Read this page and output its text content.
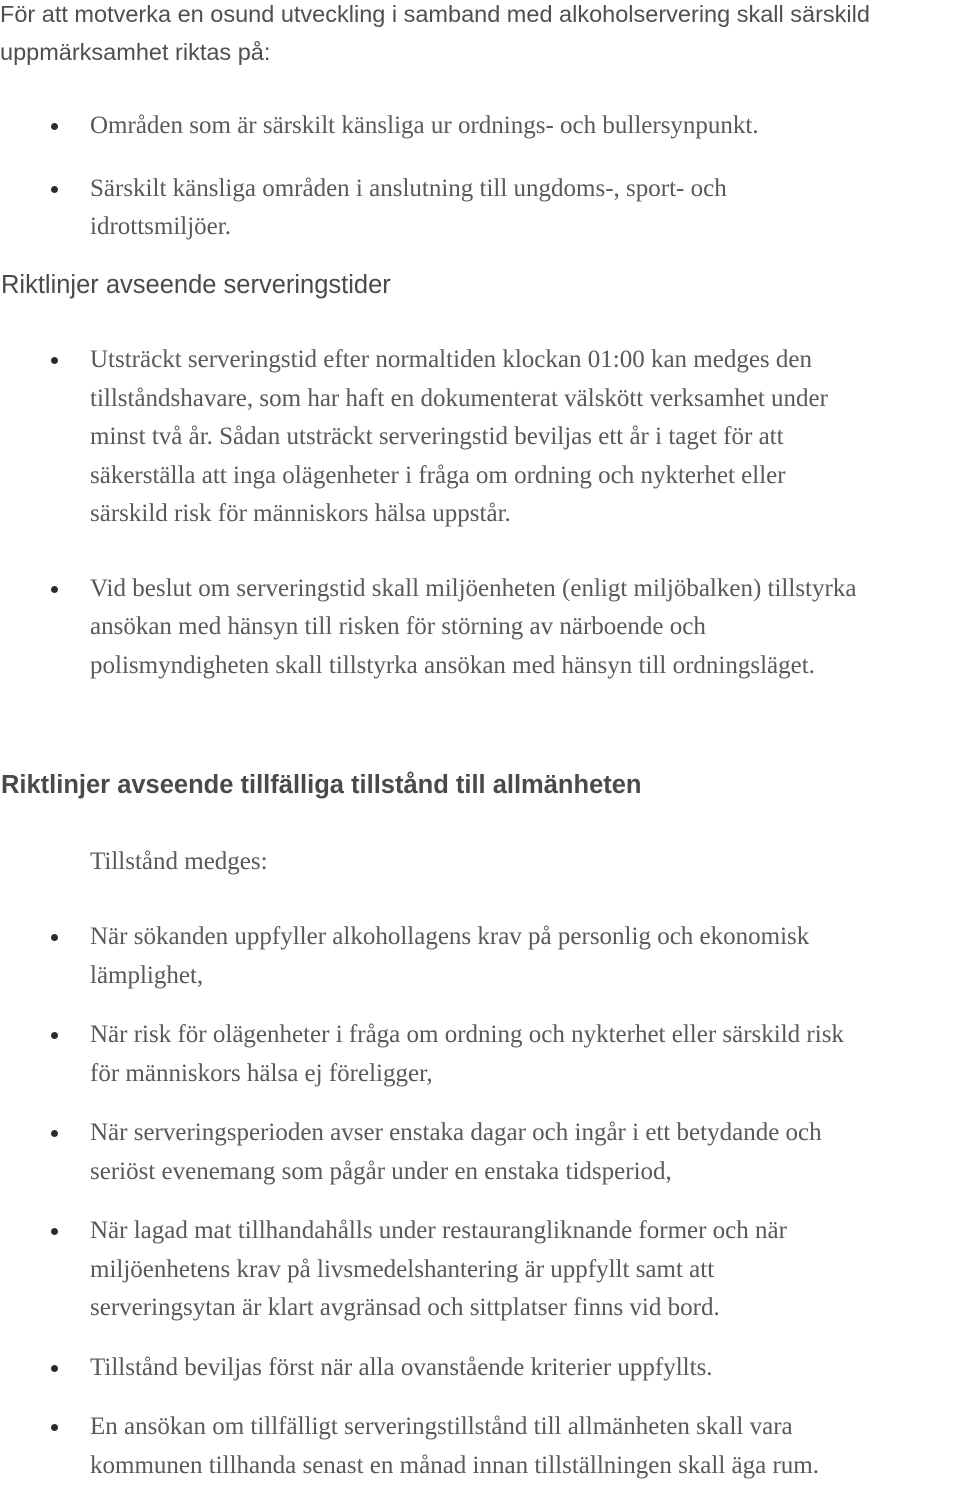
För att motverka en osund utveckling i samband med alkoholservering skall särskild
uppmärksamhet riktas på:

Områden som är särskilt känsliga ur ordnings- och bullersynpunkt.
Särskilt känsliga områden i anslutning till ungdoms-, sport- och
idrottsmiljöer.
Riktlinjer avseende serveringstider
Utsträckt serveringstid efter normaltiden klockan 01:00 kan medges den
tillståndshavare, som har haft en dokumenterat välskött verksamhet under
minst två år. Sådan utsträckt serveringstid beviljas ett år i taget för att
säkerställa att inga olägenheter i fråga om ordning och nykterhet eller
särskild risk för människors hälsa uppstår.
Vid beslut om serveringstid skall miljöenheten (enligt miljöbalken) tillstyrka
ansökan med hänsyn till risken för störning av närboende och
polismyndigheten skall tillstyrka ansökan med hänsyn till ordningsläget.
Riktlinjer avseende tillfälliga tillstånd till allmänheten

Tillstånd medges:

När sökanden uppfyller alkohollagens krav på personlig och ekonomisk
lämplighet,
När risk för olägenheter i fråga om ordning och nykterhet eller särskild risk
för människors hälsa ej föreligger,
När serveringsperioden avser enstaka dagar och ingår i ett betydande och
seriöst evenemang som pågår under en enstaka tidsperiod,
När lagad mat tillhandahålls under restaurangliknande former och när
miljöenhetens krav på livsmedelshantering är uppfyllt samt att
serveringsytan är klart avgränsad och sittplatser finns vid bord.
Tillstånd beviljas först när alla ovanstående kriterier uppfyllts.
En ansökan om tillfälligt serveringstillstånd till allmänheten skall vara
kommunen tillhanda senast en månad innan tillställningen skall äga rum.
